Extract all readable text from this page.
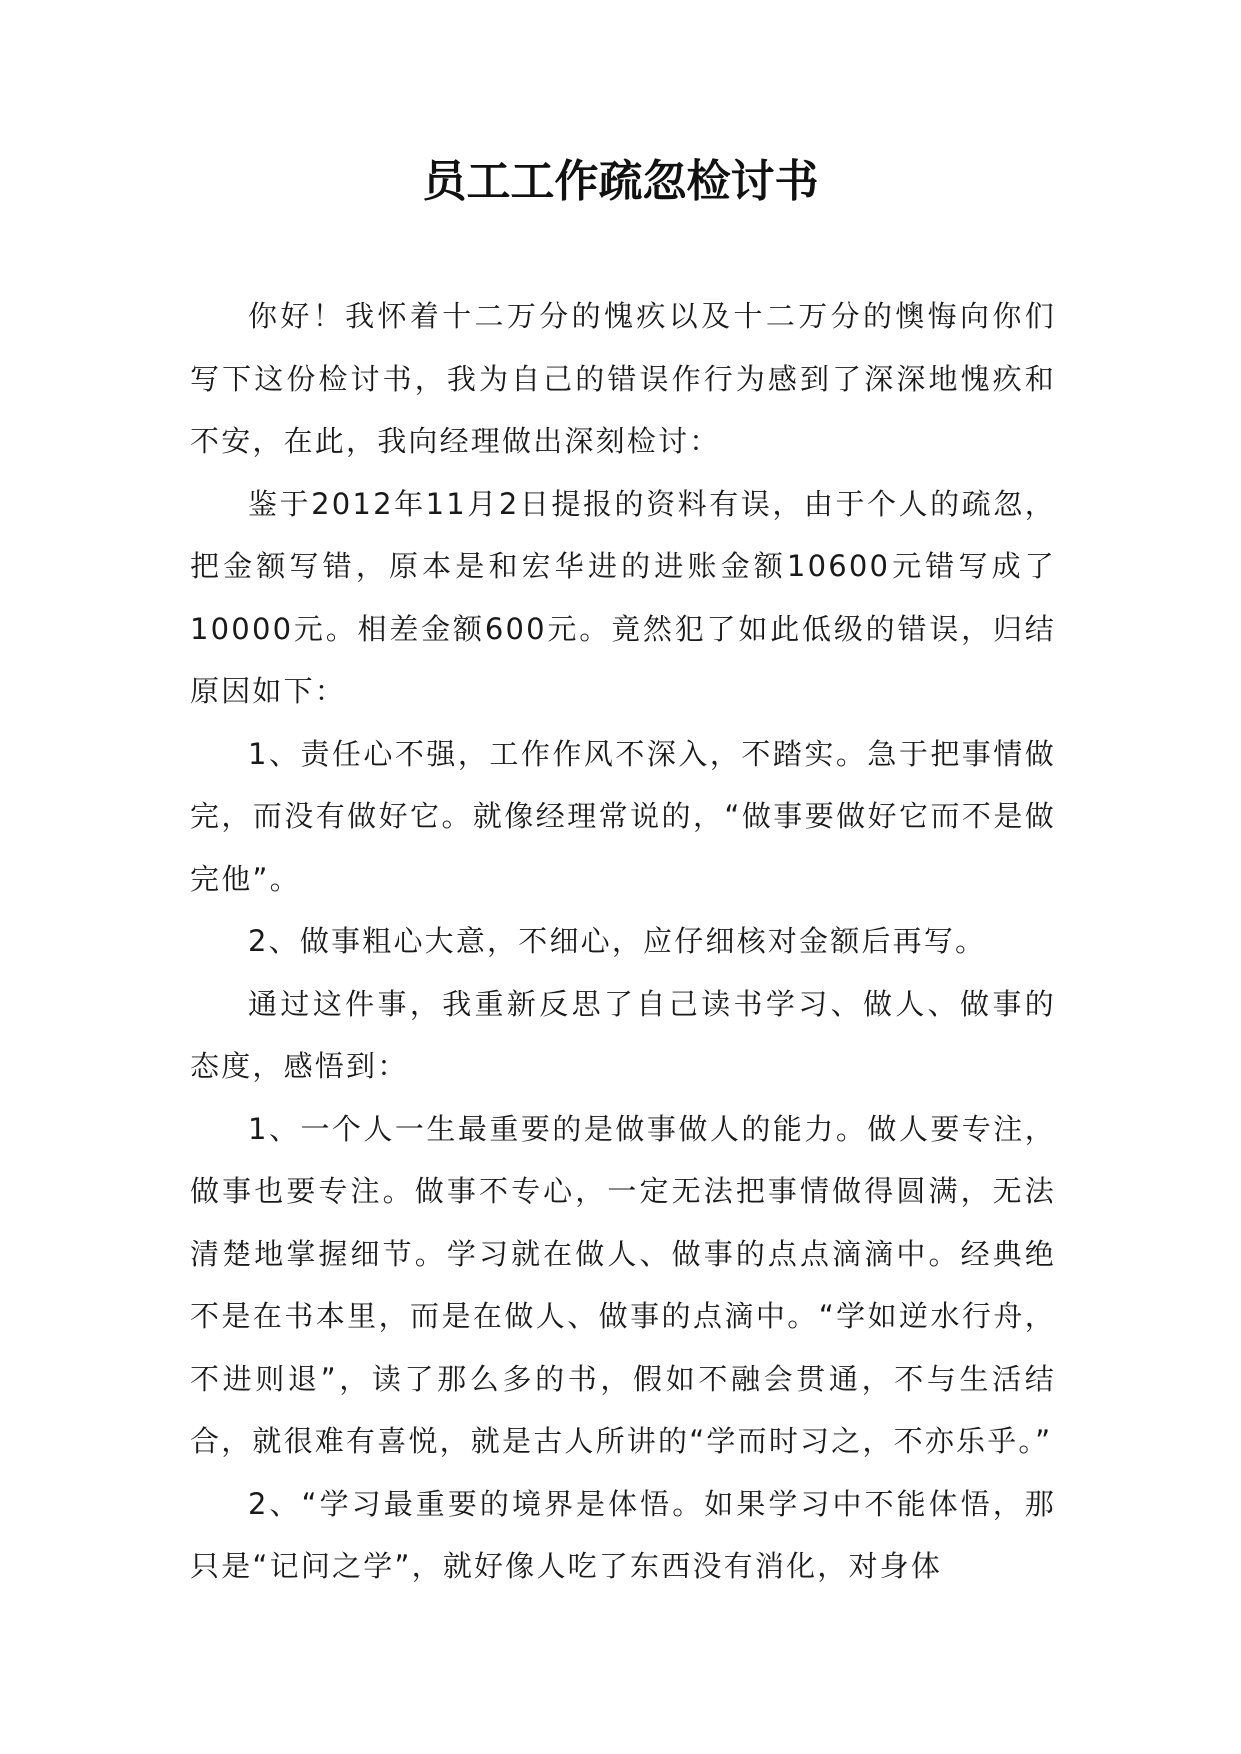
员工工作疏忽检讨书

你好！我怀着十二万分的愧疚以及十二万分的懊悔向你们写下这份检讨书，我为自己的错误作行为感到了深深地愧疚和不安，在此，我向经理做出深刻检讨：

鉴于2012年11月2日提报的资料有误，由于个人的疏忽，把金额写错，原本是和宏华进的进账金额10600元错写成了10000元。相差金额600元。竟然犯了如此低级的错误，归结原因如下：

1、责任心不强，工作作风不深入，不踏实。急于把事情做完，而没有做好它。就像经理常说的，“做事要做好它而不是做完他”。

2、做事粗心大意，不细心，应仔细核对金额后再写。

通过这件事，我重新反思了自己读书学习、做人、做事的态度，感悟到：

1、一个人一生最重要的是做事做人的能力。做人要专注，做事也要专注。做事不专心，一定无法把事情做得圆满，无法清楚地掌握细节。学习就在做人、做事的点点滴滴中。经典绝不是在书本里，而是在做人、做事的点滴中。“学如逆水行舟，不进则退”，读了那么多的书，假如不融会贯通，不与生活结合，就很难有喜悦，就是古人所讲的“学而时习之，不亦乐乎。”

2、“学习最重要的境界是体悟。如果学习中不能体悟，那只是“记问之学”，就好像人吃了东西没有消化，对身体
